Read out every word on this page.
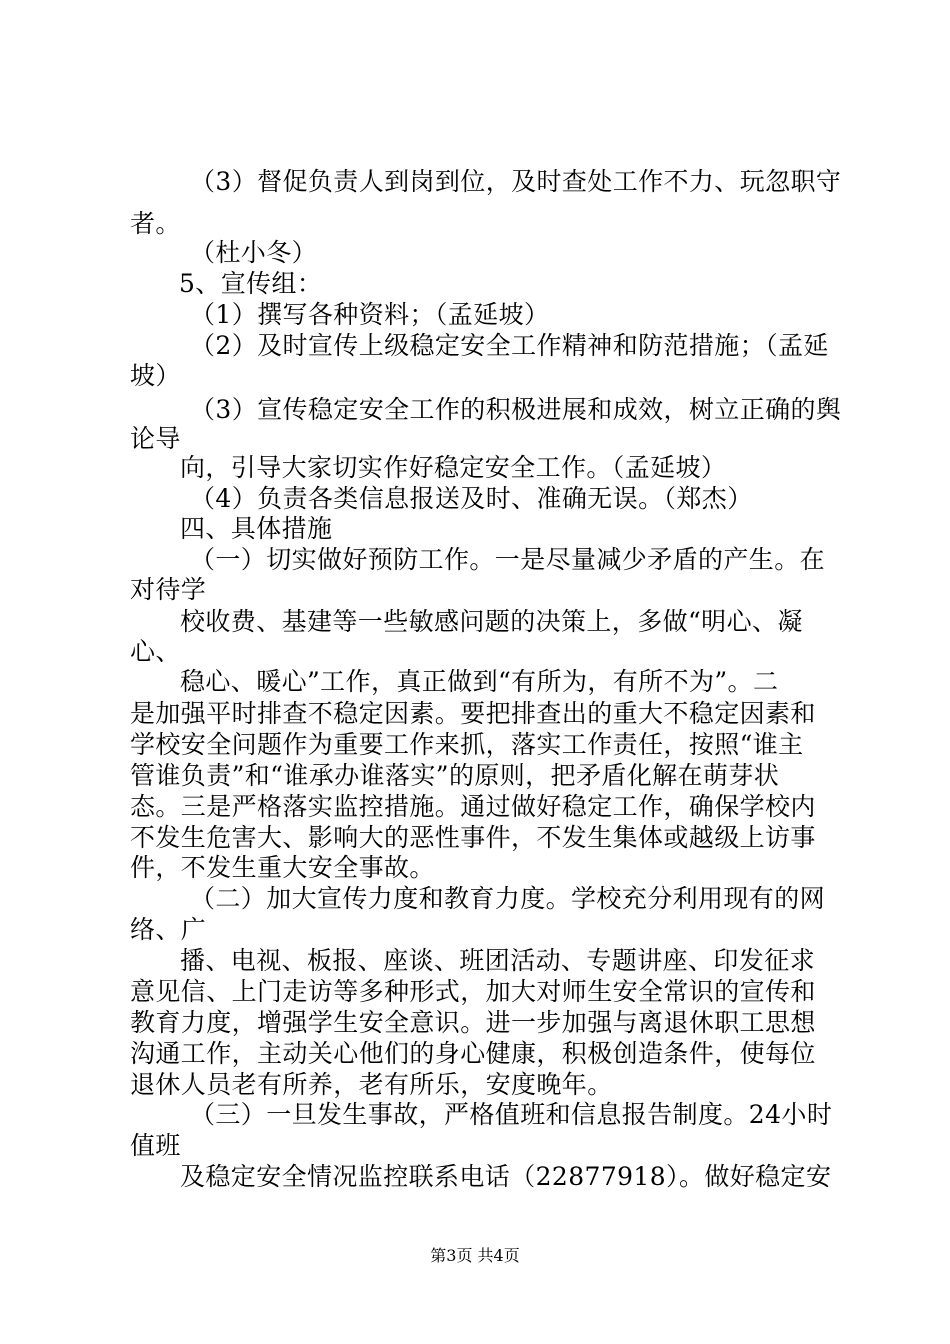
（3）督促负责人到岗到位，及时查处工作不力、玩忽职守
者。
（杜小冬）
5、宣传组：
（1）撰写各种资料；（孟延坡）
（2）及时宣传上级稳定安全工作精神和防范措施；（孟延
坡）
（3）宣传稳定安全工作的积极进展和成效，树立正确的舆
论导
向，引导大家切实作好稳定安全工作。（孟延坡）
（4）负责各类信息报送及时、准确无误。（郑杰）
四、具体措施
（一）切实做好预防工作。一是尽量减少矛盾的产生。在
对待学
校收费、基建等一些敏感问题的决策上，多做“明心、凝
心、
稳心、暖心”工作，真正做到“有所为，有所不为”。二
是加强平时排查不稳定因素。要把排查出的重大不稳定因素和
学校安全问题作为重要工作来抓，落实工作责任，按照“谁主
管谁负责”和“谁承办谁落实”的原则，把矛盾化解在萌芽状
态。三是严格落实监控措施。通过做好稳定工作，确保学校内
不发生危害大、影响大的恶性事件，不发生集体或越级上访事
件，不发生重大安全事故。
（二）加大宣传力度和教育力度。学校充分利用现有的网
络、广
播、电视、板报、座谈、班团活动、专题讲座、印发征求
意见信、上门走访等多种形式，加大对师生安全常识的宣传和
教育力度，增强学生安全意识。进一步加强与离退休职工思想
沟通工作，主动关心他们的身心健康，积极创造条件，使每位
退休人员老有所养，老有所乐，安度晚年。
（三）一旦发生事故，严格值班和信息报告制度。24小时
值班
及稳定安全情况监控联系电话（22877918）。做好稳定安
第3页 共4页
